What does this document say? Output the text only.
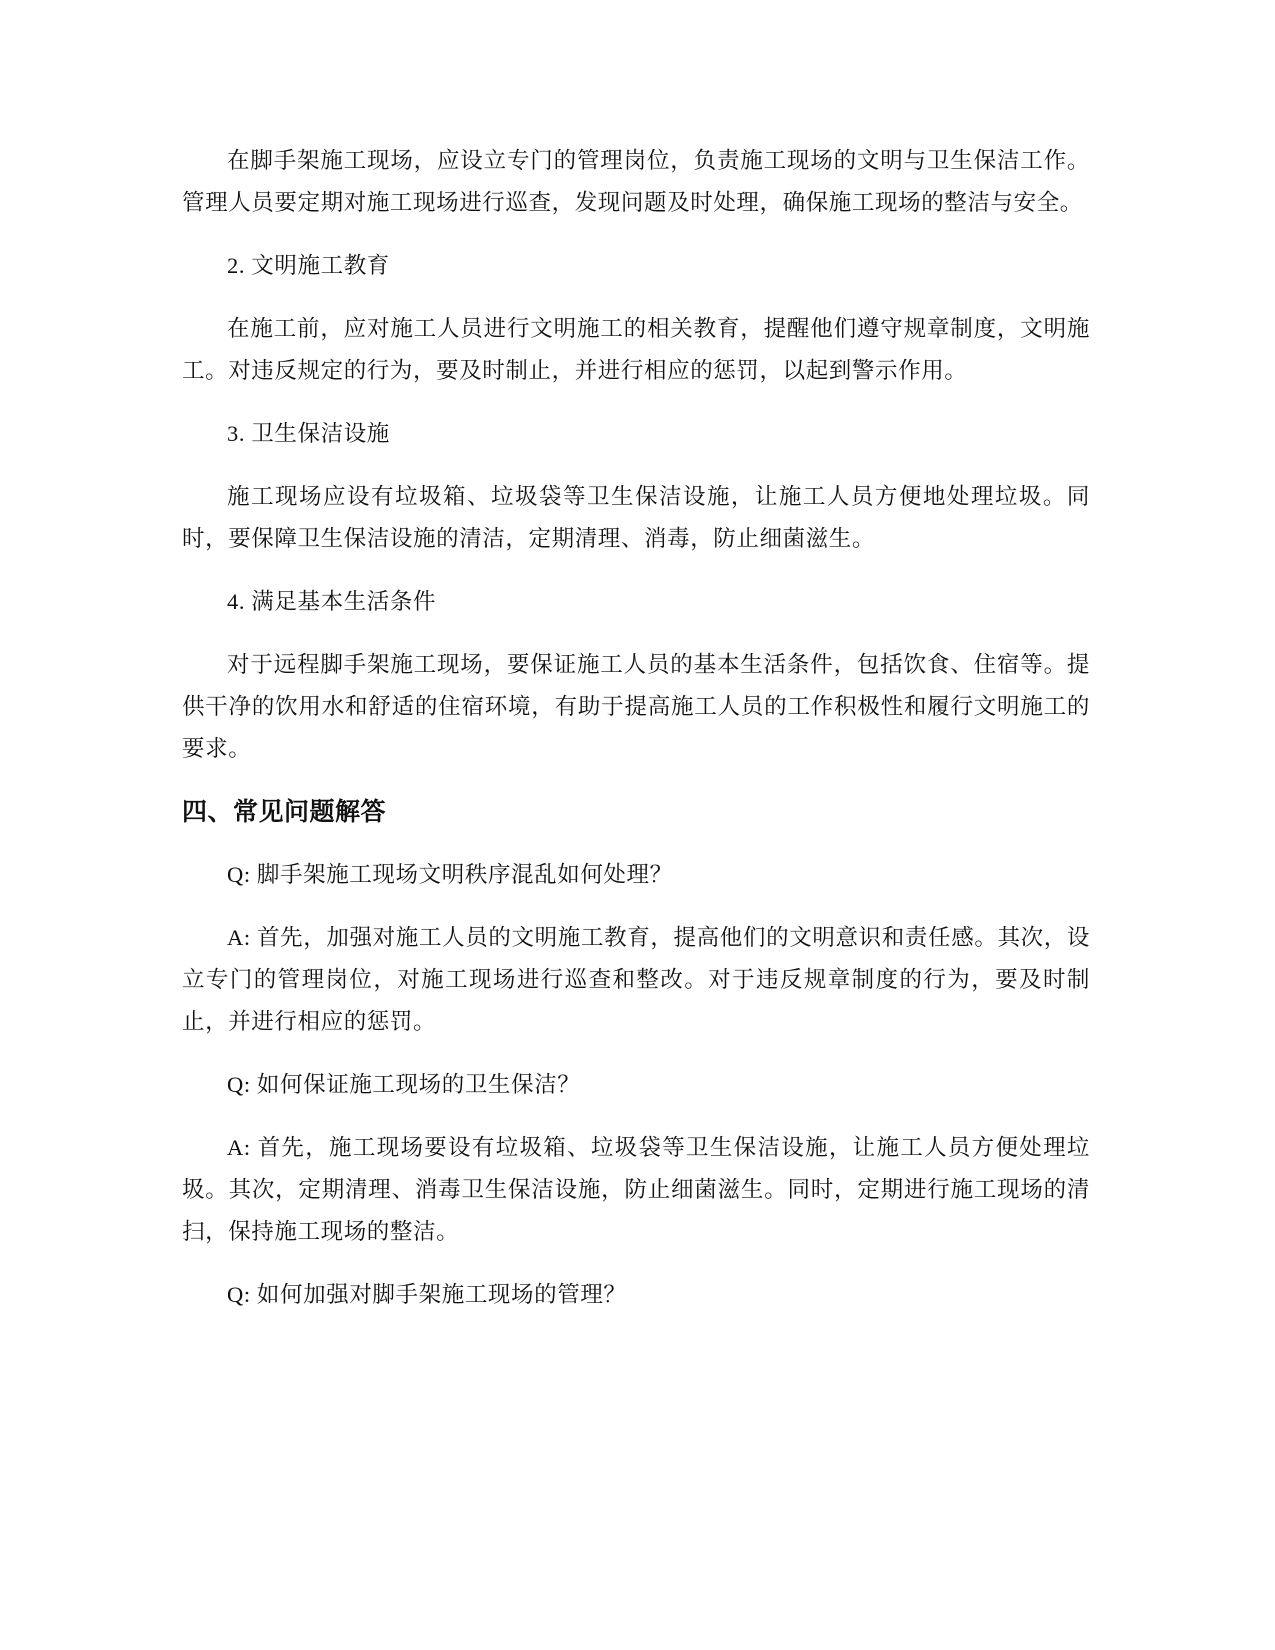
在脚手架施工现场，应设立专门的管理岗位，负责施工现场的文明与卫生保洁工作。管理人员要定期对施工现场进行巡查，发现问题及时处理，确保施工现场的整洁与安全。

2. 文明施工教育

在施工前，应对施工人员进行文明施工的相关教育，提醒他们遵守规章制度，文明施工。对违反规定的行为，要及时制止，并进行相应的惩罚，以起到警示作用。

3. 卫生保洁设施

施工现场应设有垃圾箱、垃圾袋等卫生保洁设施，让施工人员方便地处理垃圾。同时，要保障卫生保洁设施的清洁，定期清理、消毒，防止细菌滋生。

4. 满足基本生活条件

对于远程脚手架施工现场，要保证施工人员的基本生活条件，包括饮食、住宿等。提供干净的饮用水和舒适的住宿环境，有助于提高施工人员的工作积极性和履行文明施工的要求。

四、常见问题解答

Q: 脚手架施工现场文明秩序混乱如何处理？

A: 首先，加强对施工人员的文明施工教育，提高他们的文明意识和责任感。其次，设立专门的管理岗位，对施工现场进行巡查和整改。对于违反规章制度的行为，要及时制止，并进行相应的惩罚。

Q: 如何保证施工现场的卫生保洁？

A: 首先，施工现场要设有垃圾箱、垃圾袋等卫生保洁设施，让施工人员方便处理垃圾。其次，定期清理、消毒卫生保洁设施，防止细菌滋生。同时，定期进行施工现场的清扫，保持施工现场的整洁。

Q: 如何加强对脚手架施工现场的管理？
